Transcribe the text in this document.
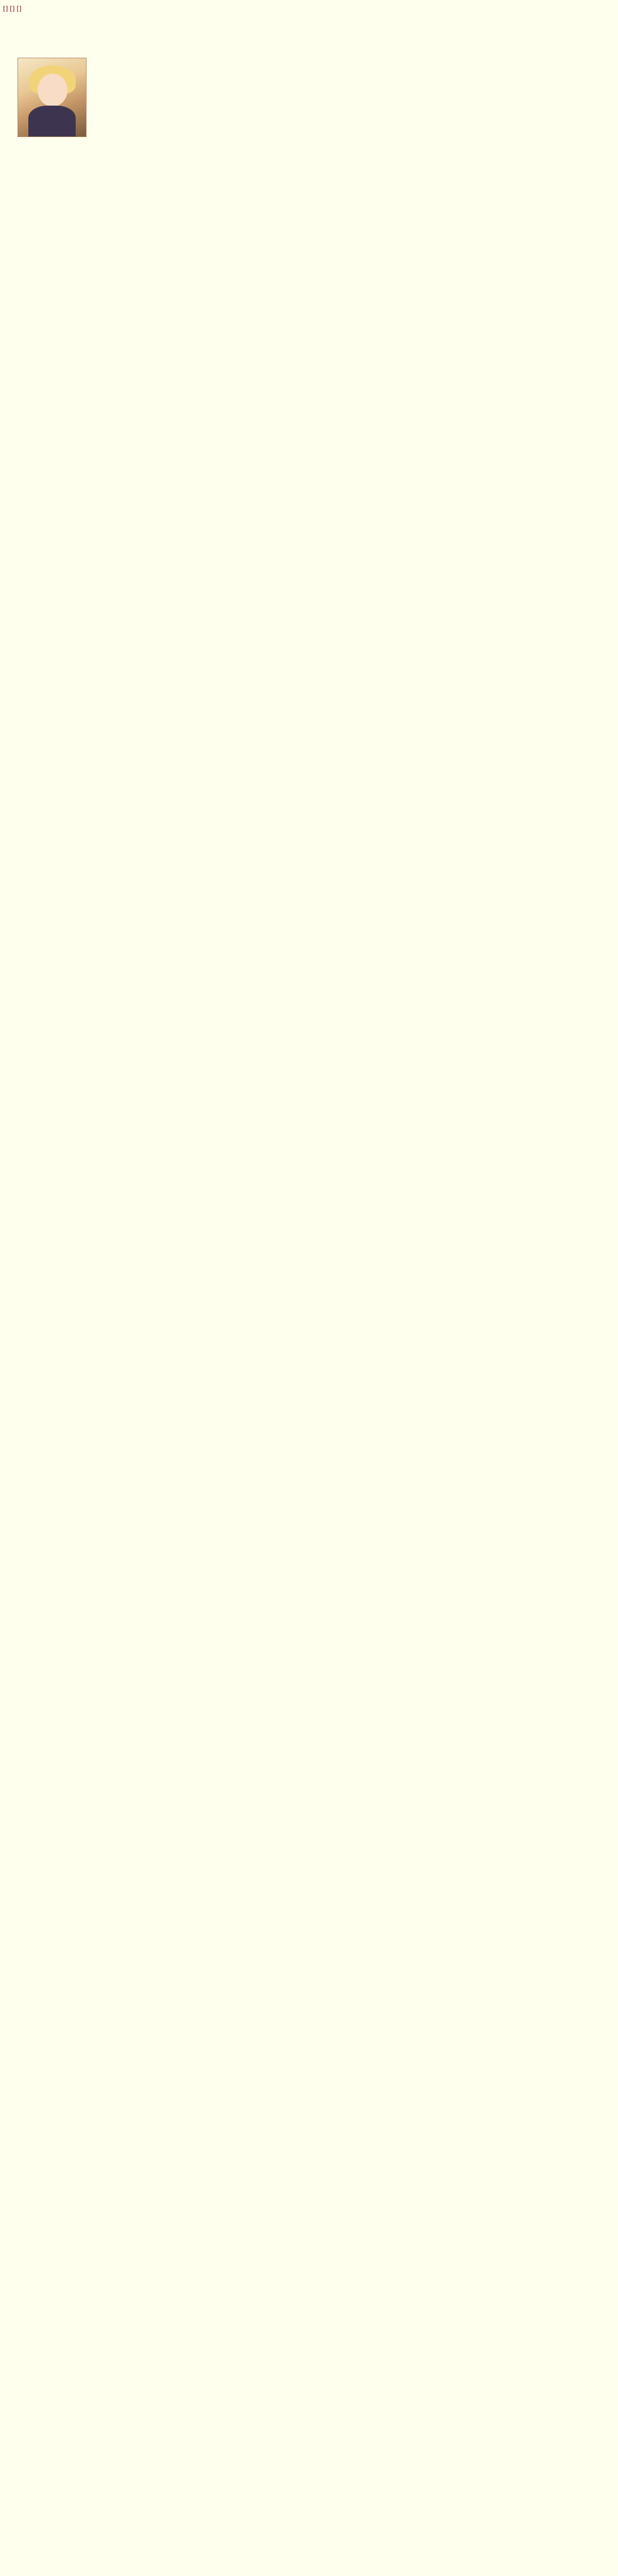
[] [] []
